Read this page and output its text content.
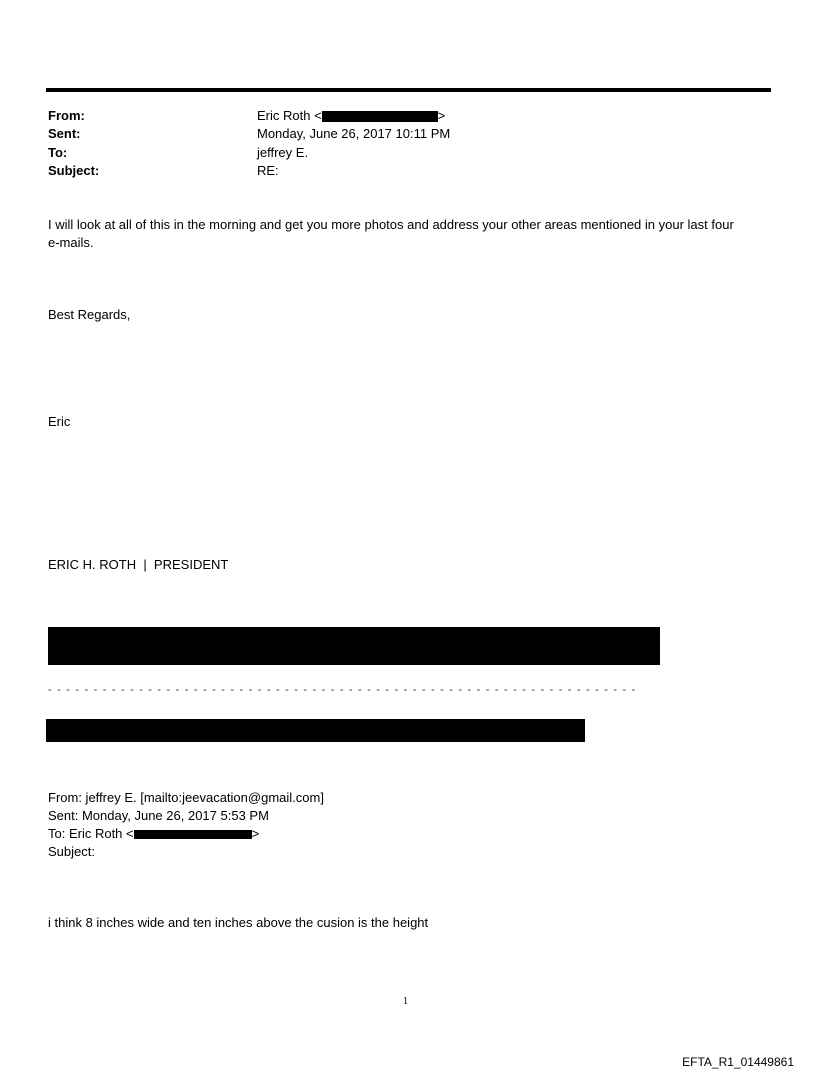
From:	Eric Roth <	>
Sent:	Monday, June 26, 2017 10:11 PM
To:	jeffrey E.
Subject:	RE:
I will look at all of this in the morning and get you more photos and address your other areas mentioned in your last four
e-mails.
Best Regards,
Eric
ERIC H. ROTH  |  PRESIDENT
- - - - - - - - - - - - - - - - - - - - - - - - - - - - - - - - - - - - - - - - - - - - - - - - - - - - - - - - - - - - - - - - -
From: jeffrey E. [mailto:jeevacation@gmail.com]
Sent: Monday, June 26, 2017 5:53 PM
To: Eric Roth <	>
Subject:
i think 8 inches wide and ten inches above the cusion is the height
1
EFTA_R1_01449861
